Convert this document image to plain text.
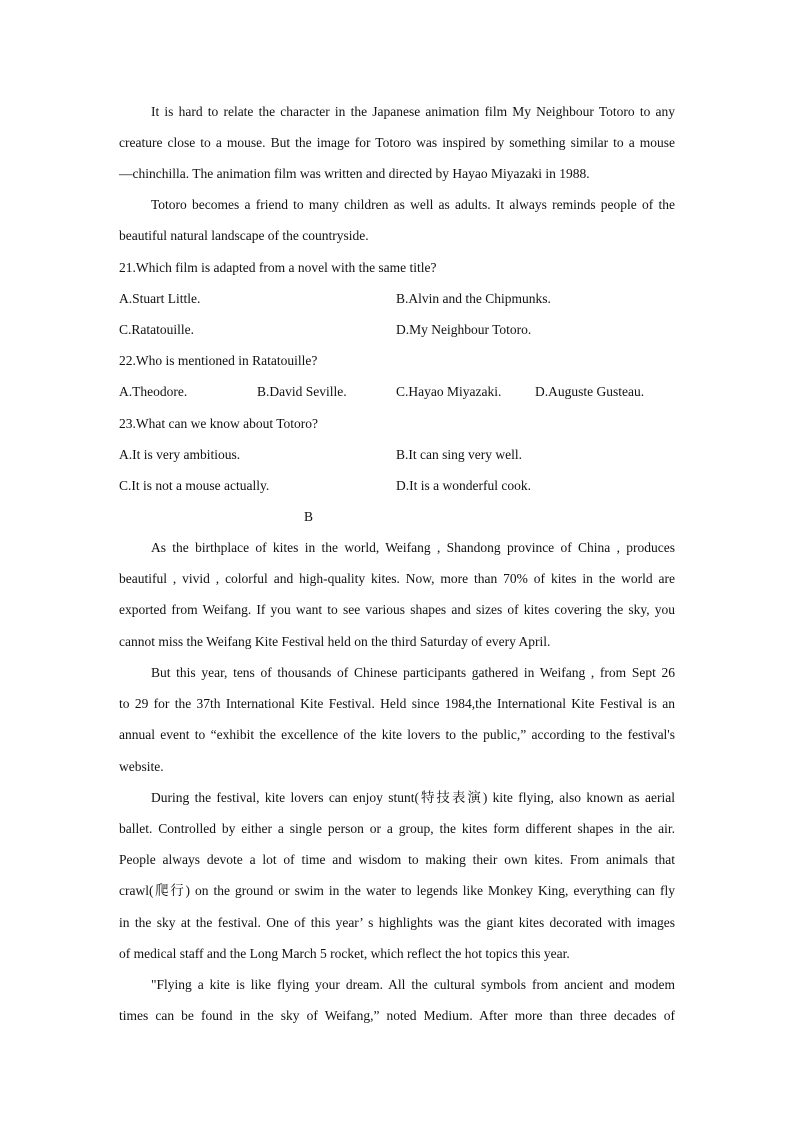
It is hard to relate the character in the Japanese animation film My Neighbour Totoro to any
creature close to a mouse. But the image for Totoro was inspired by something similar to a mouse
—chinchilla. The animation film was written and directed by Hayao Miyazaki in 1988.
Totoro becomes a friend to many children as well as adults. It always reminds people of the
beautiful natural landscape of the countryside.
21.Which film is adapted from a novel with the same title?
A.Stuart Little.	B.Alvin and the Chipmunks.
C.Ratatouille.	D.My Neighbour Totoro.
22.Who is mentioned in Ratatouille?
A.Theodore.	B.David Seville.	C.Hayao Miyazaki. D.Auguste Gusteau.
23.What can we know about Totoro?
A.It is very ambitious.	B.It can sing very well.
C.It is not a mouse actually.	D.It is a wonderful cook.
B
As the birthplace of kites in the world, Weifang , Shandong province of China , produces
beautiful , vivid , colorful and high-quality kites. Now, more than 70% of kites in the world are
exported from Weifang. If you want to see various shapes and sizes of kites covering the sky, you
cannot miss the Weifang Kite Festival held on the third Saturday of every April.
But this year, tens of thousands of Chinese participants gathered in Weifang , from Sept 26
to 29 for the 37th International Kite Festival. Held since 1984,the International Kite Festival is an
annual event to “exhibit the excellence of the kite lovers to the public,” according to the festival's
website.
During the festival, kite lovers can enjoy stunt(特技表演) kite flying, also known as aerial
ballet. Controlled by either a single person or a group, the kites form different shapes in the air.
People always devote a lot of time and wisdom to making their own kites. From animals that
crawl(爬行) on the ground or swim in the water to legends like Monkey King, everything can fly
in the sky at the festival. One of this year’ s highlights was the giant kites decorated with images
of medical staff and the Long March 5 rocket, which reflect the hot topics this year.
"Flying a kite is like flying your dream. All the cultural symbols from ancient and modem
times can be found in the sky of Weifang,” noted Medium. After more than three decades of
